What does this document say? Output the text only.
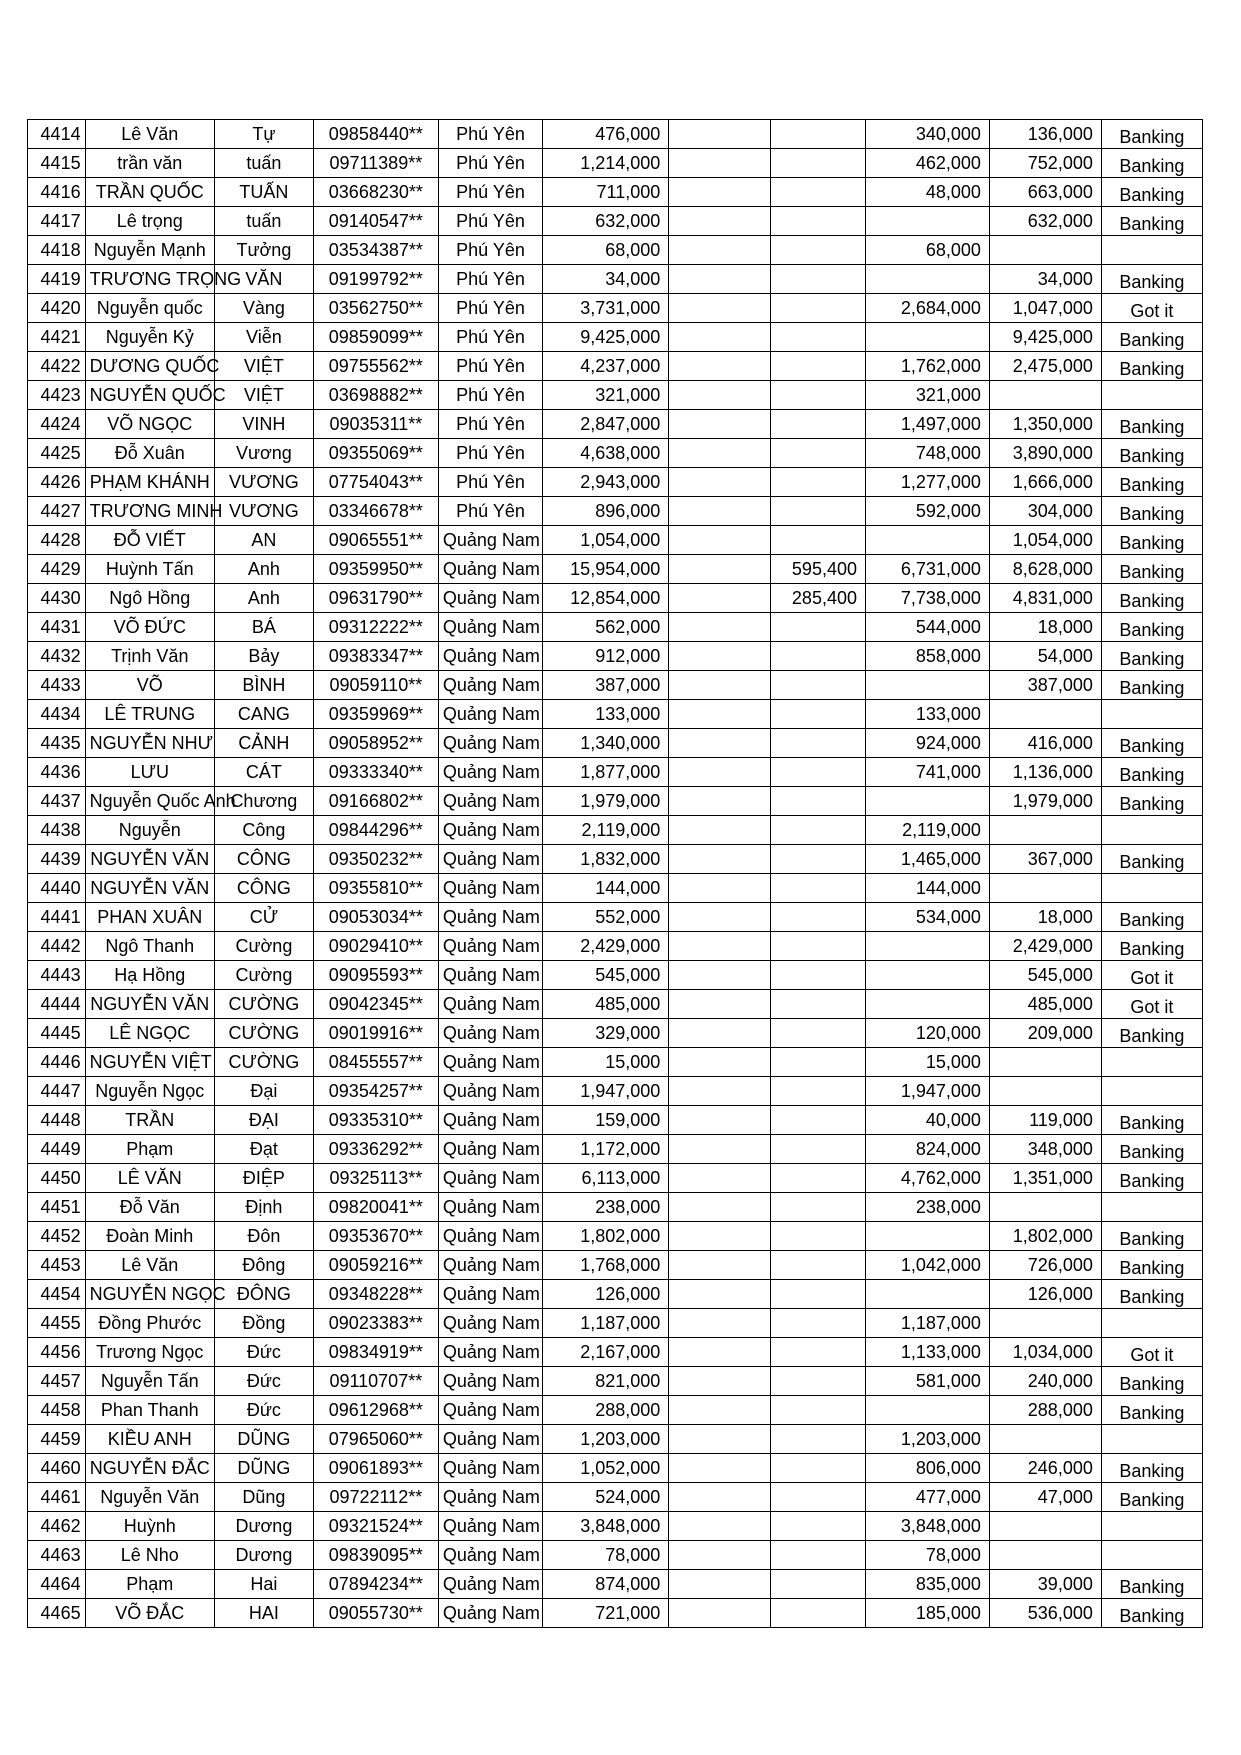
4414	Lê Văn	Tự	09858440**	Phú Yên	476,000			340,000	136,000	Banking
4415	trần văn	tuấn	09711389**	Phú Yên	1,214,000			462,000	752,000	Banking
4416	TRẦN QUỐC	TUẤN	03668230**	Phú Yên	711,000			48,000	663,000	Banking
4417	Lê trọng	tuấn	09140547**	Phú Yên	632,000				632,000	Banking
4418	Nguyễn Mạnh	Tưởng	03534387**	Phú Yên	68,000			68,000		
4419	TRƯƠNG TRỌNG	VĂN	09199792**	Phú Yên	34,000				34,000	Banking
4420	Nguyễn quốc	Vàng	03562750**	Phú Yên	3,731,000			2,684,000	1,047,000	Got it
4421	Nguyễn Kỷ	Viễn	09859099**	Phú Yên	9,425,000				9,425,000	Banking
4422	DƯƠNG QUỐC	VIỆT	09755562**	Phú Yên	4,237,000			1,762,000	2,475,000	Banking
4423	NGUYỄN QUỐC	VIỆT	03698882**	Phú Yên	321,000			321,000		
4424	VÕ NGỌC	VINH	09035311**	Phú Yên	2,847,000			1,497,000	1,350,000	Banking
4425	Đỗ Xuân	Vương	09355069**	Phú Yên	4,638,000			748,000	3,890,000	Banking
4426	PHẠM KHÁNH	VƯƠNG	07754043**	Phú Yên	2,943,000			1,277,000	1,666,000	Banking
4427	TRƯƠNG MINH	VƯƠNG	03346678**	Phú Yên	896,000			592,000	304,000	Banking
4428	ĐỖ VIẾT	AN	09065551**	Quảng Nam	1,054,000				1,054,000	Banking
4429	Huỳnh Tấn	Anh	09359950**	Quảng Nam	15,954,000		595,400	6,731,000	8,628,000	Banking
4430	Ngô Hồng	Anh	09631790**	Quảng Nam	12,854,000		285,400	7,738,000	4,831,000	Banking
4431	VÕ ĐỨC	BÁ	09312222**	Quảng Nam	562,000			544,000	18,000	Banking
4432	Trịnh Văn	Bảy	09383347**	Quảng Nam	912,000			858,000	54,000	Banking
4433	VÕ	BÌNH	09059110**	Quảng Nam	387,000				387,000	Banking
4434	LÊ TRUNG	CANG	09359969**	Quảng Nam	133,000			133,000		
4435	NGUYỄN NHƯ	CẢNH	09058952**	Quảng Nam	1,340,000			924,000	416,000	Banking
4436	LƯU	CÁT	09333340**	Quảng Nam	1,877,000			741,000	1,136,000	Banking
4437	Nguyễn Quốc Anh	Chương	09166802**	Quảng Nam	1,979,000				1,979,000	Banking
4438	Nguyễn	Công	09844296**	Quảng Nam	2,119,000			2,119,000		
4439	NGUYỄN VĂN	CÔNG	09350232**	Quảng Nam	1,832,000			1,465,000	367,000	Banking
4440	NGUYỄN VĂN	CÔNG	09355810**	Quảng Nam	144,000			144,000		
4441	PHAN XUÂN	CỬ	09053034**	Quảng Nam	552,000			534,000	18,000	Banking
4442	Ngô Thanh	Cường	09029410**	Quảng Nam	2,429,000				2,429,000	Banking
4443	Hạ Hồng	Cường	09095593**	Quảng Nam	545,000				545,000	Got it
4444	NGUYỄN VĂN	CƯỜNG	09042345**	Quảng Nam	485,000				485,000	Got it
4445	LÊ NGỌC	CƯỜNG	09019916**	Quảng Nam	329,000			120,000	209,000	Banking
4446	NGUYỄN VIỆT	CƯỜNG	08455557**	Quảng Nam	15,000			15,000		
4447	Nguyễn Ngọc	Đại	09354257**	Quảng Nam	1,947,000			1,947,000		
4448	TRẦN	ĐẠI	09335310**	Quảng Nam	159,000			40,000	119,000	Banking
4449	Phạm	Đạt	09336292**	Quảng Nam	1,172,000			824,000	348,000	Banking
4450	LÊ VĂN	ĐIỆP	09325113**	Quảng Nam	6,113,000			4,762,000	1,351,000	Banking
4451	Đỗ Văn	Định	09820041**	Quảng Nam	238,000			238,000		
4452	Đoàn Minh	Đôn	09353670**	Quảng Nam	1,802,000				1,802,000	Banking
4453	Lê Văn	Đông	09059216**	Quảng Nam	1,768,000			1,042,000	726,000	Banking
4454	NGUYỄN NGỌC	ĐÔNG	09348228**	Quảng Nam	126,000				126,000	Banking
4455	Đồng Phước	Đồng	09023383**	Quảng Nam	1,187,000			1,187,000		
4456	Trương Ngọc	Đức	09834919**	Quảng Nam	2,167,000			1,133,000	1,034,000	Got it
4457	Nguyễn Tấn	Đức	09110707**	Quảng Nam	821,000			581,000	240,000	Banking
4458	Phan Thanh	Đức	09612968**	Quảng Nam	288,000				288,000	Banking
4459	KIỀU ANH	DŨNG	07965060**	Quảng Nam	1,203,000			1,203,000		
4460	NGUYỄN ĐẮC	DŨNG	09061893**	Quảng Nam	1,052,000			806,000	246,000	Banking
4461	Nguyễn Văn	Dũng	09722112**	Quảng Nam	524,000			477,000	47,000	Banking
4462	Huỳnh	Dương	09321524**	Quảng Nam	3,848,000			3,848,000		
4463	Lê Nho	Dương	09839095**	Quảng Nam	78,000			78,000		
4464	Phạm	Hai	07894234**	Quảng Nam	874,000			835,000	39,000	Banking
4465	VÕ ĐẮC	HAI	09055730**	Quảng Nam	721,000			185,000	536,000	Banking
